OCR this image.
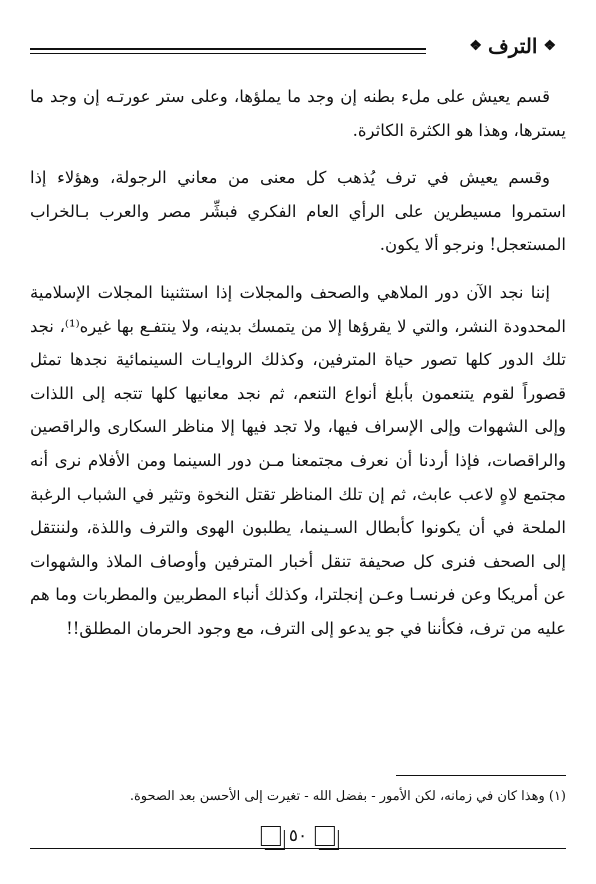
❖
الترف
❖

قسم يعيش على ملء بطنه إن وجد ما يملؤها، وعلى ستر عورتـه إن وجد ما يسترها، وهذا هو الكثرة الكاثرة.

وقسم يعيش في ترف يُذهب كل معنى من معاني الرجولة، وهؤلاء إذا استمروا مسيطرين على الرأي العام الفكري فبشِّر مصر والعرب بـالخراب المستعجل! ونرجو ألا يكون.

إننا نجد الآن دور الملاهي والصحف والمجلات إذا استثنينا المجلات الإسلامية المحدودة النشر، والتي لا يقرؤها إلا من يتمسك بدينه، ولا ينتفـع بها غيره⁽¹⁾، نجد تلك الدور كلها تصور حياة المترفين، وكذلك الروايـات السينمائية نجدها تمثل قصوراً لقوم يتنعمون بأبلغ أنواع التنعم، ثم نجد معانيها كلها تتجه إلى اللذات وإلى الشهوات وإلى الإسراف فيها، ولا تجد فيها إلا مناظر السكارى والراقصين والراقصات، فإذا أردنا أن نعرف مجتمعنا مـن دور السينما ومن الأفلام نرى أنه مجتمع لاهٍ لاعب عابث، ثم إن تلك المناظر تقتل النخوة وتثير في الشباب الرغبة الملحة في أن يكونوا كأبطال السـينما، يطلبون الهوى والترف واللذة، ولننتقل إلى الصحف فنرى كل صحيفة تنقل أخبار المترفين وأوصاف الملاذ والشهوات عن أمريكا وعن فرنسـا وعـن إنجلترا، وكذلك أنباء المطربين والمطربات وما هم عليه من ترف، فكأننا في جو يدعو إلى الترف، مع وجود الحرمان المطلق!!

(١) وهذا كان في زمانه، لكن الأمور - بفضل الله - تغيرت إلى الأحسن بعد الصحوة.
٥٠
